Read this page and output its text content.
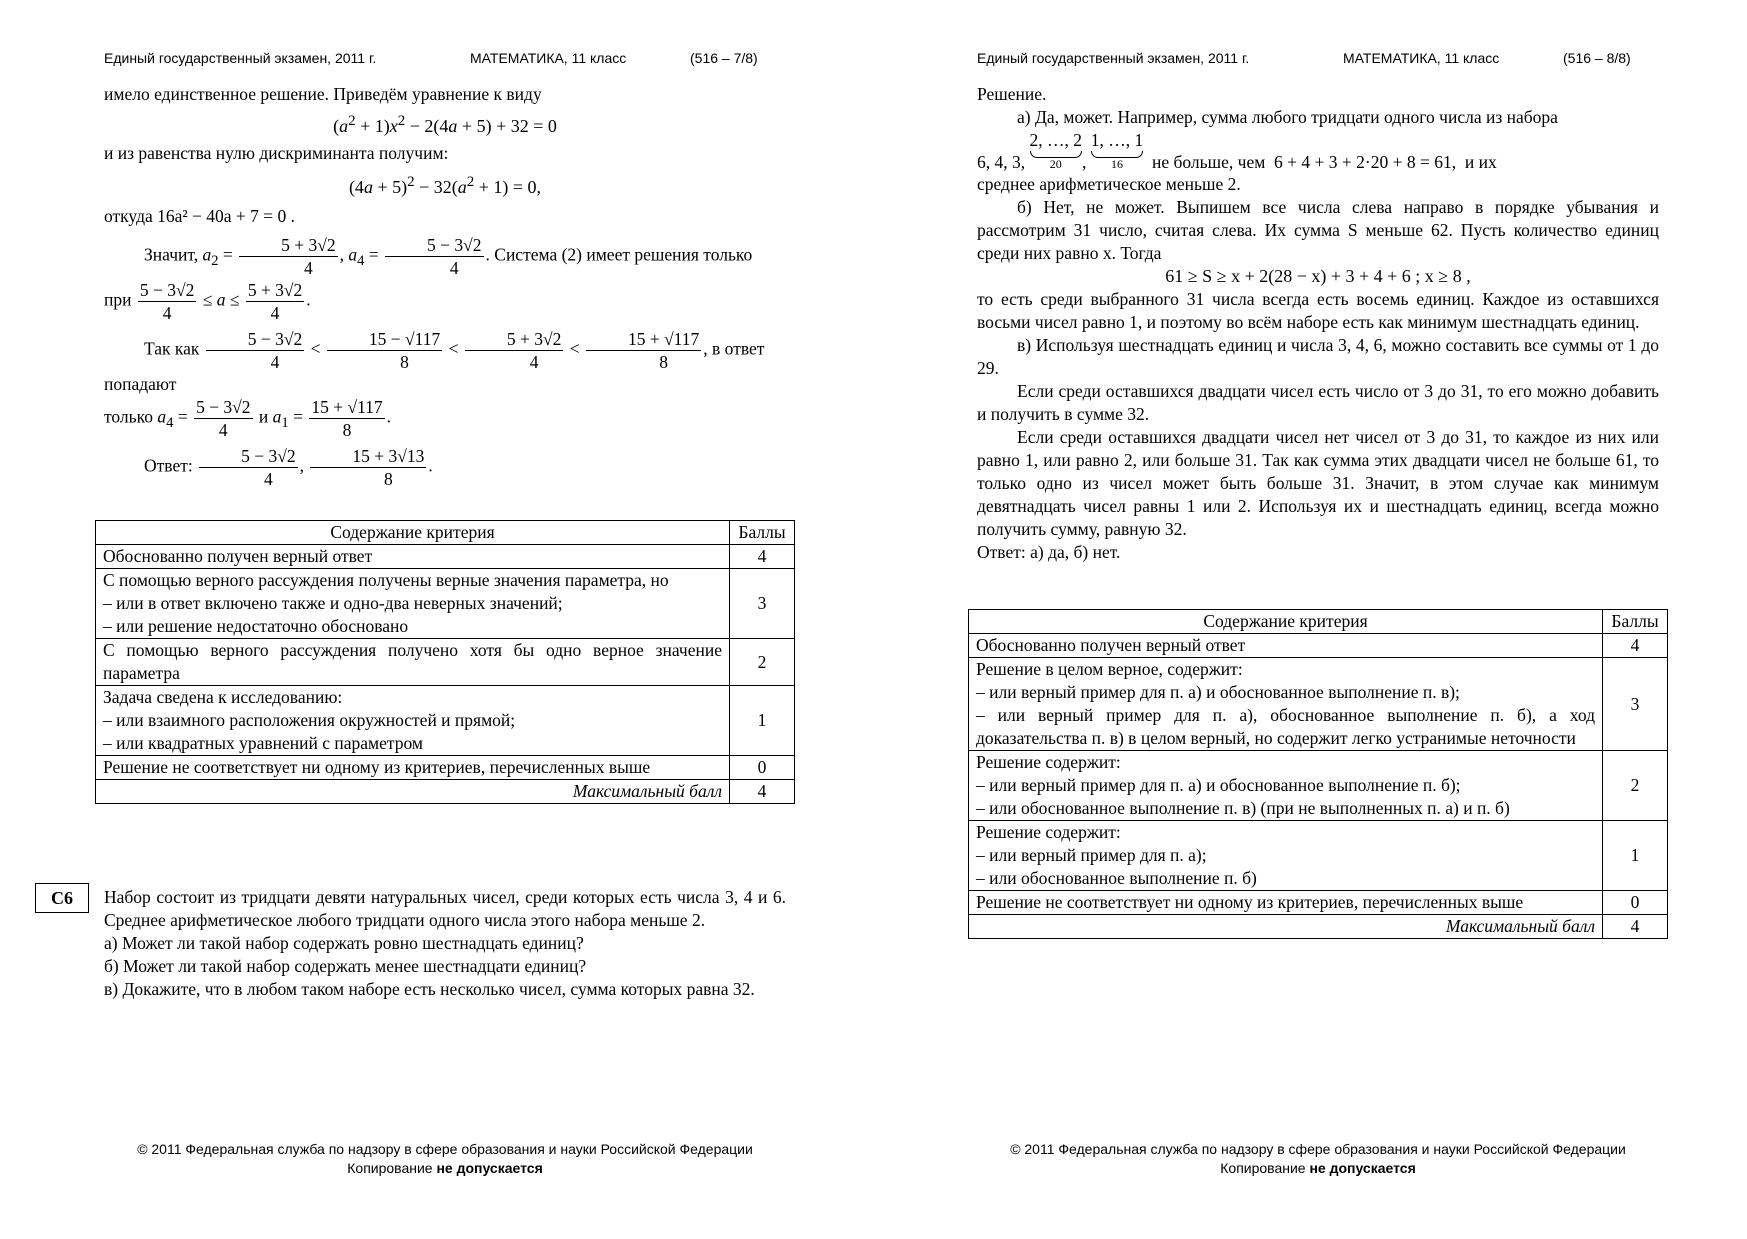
Единый государственный экзамен, 2011 г.	МАТЕМАТИКА, 11 класс	(516 – 7/8)

имело единственное решение. Приведём уравнение к виду

$(a^2 + 1)x^2 - 2(4a + 5) + 32 = 0$

и из равенства нулю дискриминанта получим:

$(4a + 5)^2 - 32(a^2 + 1) = 0$,

откуда 16a² − 40a + 7 = 0 .

Значит, $a_2 = \frac{5 + 3√2}{4}$ , $a_4 = \frac{5 - 3√2}{4}$ . Система (2) имеет решения только

при $\frac{5 - 3√2}{4} \le a \le \frac{5 + 3√2}{4}$ .

Так как $\frac{5 - 3√2}{4} < \frac{15 - √117}{8} < \frac{5 + 3√2}{4} < \frac{15 + √117}{8}$ , в ответ попадают

только $a_4 = \frac{5 - 3√2}{4}$ и $a_1 = \frac{15 + √117}{8}$ .

Ответ: $\frac{5 - 3√2}{4}$ , $\frac{15 + 3√13}{8}$ .

Содержание критерия	Баллы
Обоснованно получен верный ответ	4
С помощью верного рассуждения получены верные значения параметра, но
– или в ответ включено также и одно-два неверных значений;
– или решение недостаточно обосновано	3
С помощью верного рассуждения получено хотя бы одно верное значение параметра	2
Задача сведена к исследованию:
– или взаимного расположения окружностей и прямой;
– или квадратных уравнений с параметром	1
Решение не соответствует ни одному из критериев, перечисленных выше	0
Максимальный балл	4
C6	Набор состоит из тридцати девяти натуральных чисел, среди которых есть числа 3, 4 и 6. Среднее арифметическое любого тридцати одного числа этого набора меньше 2.

а) Может ли такой набор содержать ровно шестнадцать единиц?

б) Может ли такой набор содержать менее шестнадцати единиц?

в) Докажите, что в любом таком наборе есть несколько чисел, сумма которых равна 32.

© 2011 Федеральная служба по надзору в сфере образования и науки Российской Федерации
Копирование не допускается
Единый государственный экзамен, 2011 г.	МАТЕМАТИКА, 11 класс	(516 – 8/8)

Решение.

а) Да, может. Например, сумма любого тридцати одного числа из набора

6, 4, 3, 2, …, 2
20	, 1, …, 1
16	не больше, чем 6 + 4 + 3 + 2·20 + 8 = 61, и их

среднее арифметическое меньше 2.

б) Нет, не может. Выпишем все числа слева направо в порядке убывания и рассмотрим 31 число, считая слева. Их сумма S меньше 62. Пусть количество единиц среди них равно x. Тогда

61 ≥ S ≥ x + 2(28 − x) + 3 + 4 + 6 ; x ≥ 8 ,

то есть среди выбранного 31 числа всегда есть восемь единиц. Каждое из оставшихся восьми чисел равно 1, и поэтому во всём наборе есть как минимум шестнадцать единиц.

в) Используя шестнадцать единиц и числа 3, 4, 6, можно составить все суммы от 1 до 29.

Если среди оставшихся двадцати чисел есть число от 3 до 31, то его можно добавить и получить в сумме 32.

Если среди оставшихся двадцати чисел нет чисел от 3 до 31, то каждое из них или равно 1, или равно 2, или больше 31. Так как сумма этих двадцати чисел не больше 61, то только одно из чисел может быть больше 31. Значит, в этом случае как минимум девятнадцать чисел равны 1 или 2. Используя их и шестнадцать единиц, всегда можно получить сумму, равную 32.

Ответ: а) да, б) нет.

Содержание критерия	Баллы
Обоснованно получен верный ответ	4
Решение в целом верное, содержит:
– или верный пример для п. а) и обоснованное выполнение п. в);
– или верный пример для п. а), обоснованное выполнение п. б), а ход доказательства п. в) в целом верный, но содержит легко устранимые неточности	3
Решение содержит:
– или верный пример для п. а) и обоснованное выполнение п. б);
– или обоснованное выполнение п. в) (при не выполненных п. а) и п. б)	2
Решение содержит:
– или верный пример для п. а);
– или обоснованное выполнение п. б)	1
Решение не соответствует ни одному из критериев, перечисленных выше	0
Максимальный балл	4
© 2011 Федеральная служба по надзору в сфере образования и науки Российской Федерации
Копирование не допускается
